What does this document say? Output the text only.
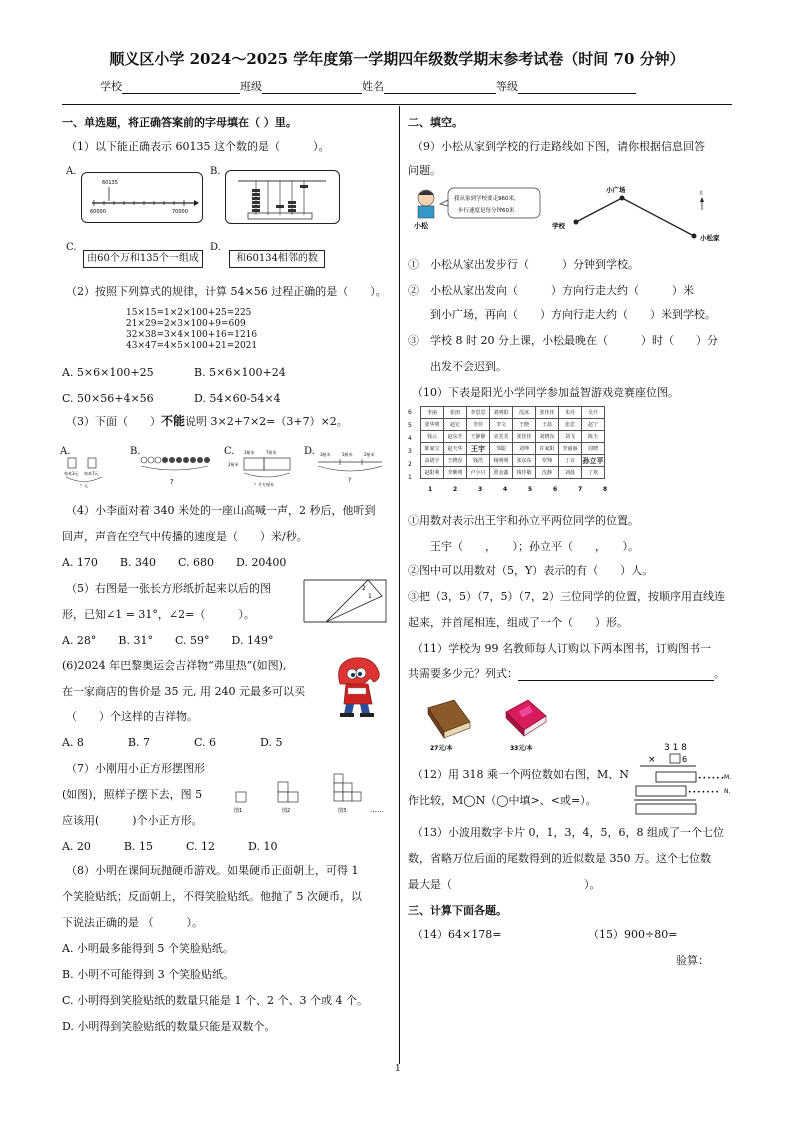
顺义区小学 2024～2025 学年度第一学期四年级数学期末参考试卷（时间 70 分钟）
学校	班级	姓名	等级
一、单选题，将正确答案前的字母填在（ ）里。
（1）以下能正确表示 60135 这个数的是（　　　）。
A.
60135
60000	70000
B.
C.
由60个万和135个一组成
D.
和60134相邻的数
（2）按照下列算式的规律，计算 54×56 过程正确的是（　　）。
15×15=1×2×100+25=225
21×29=2×3×100+9=609
32×38=3×4×100+16=1216
43×47=4×5×100+21=2021
A. 5×6×100+25	B. 5×6×100+24
C. 50×56+4×56	D. 54×60-54×4
（3）下面（　　）不能说明 3×2+7×2=（3+7）×2。
A.
每本3元 每本7元
？元
B.
?
C. 3厘米	7厘米
2厘米
？平方厘米
D. 3厘米	3厘米	2厘米
?
（4）小李面对着 340 米处的一座山高喊一声，2 秒后，他听到
回声，声音在空气中传播的速度是（　　）米/秒。
A. 170　　B. 340　　C. 680　　D. 20400
（5）右图是一张长方形纸折起来以后的图
形，已知∠1 = 31°，∠2=（　　　）。
A. 28°　　B. 31°　　C. 59°　　D. 149°
2
1
(6)2024 年巴黎奥运会吉祥物“弗里热”(如图),
在一家商店的售价是 35 元, 用 240 元最多可以买
（　　）个这样的吉祥物。
A. 8　　　　B. 7　　　　C. 6　　　　D. 5
（7）小刚用小正方形摆图形
(如图)，照样子摆下去，图 5
应该用(　　　)个小正方形。
A. 20　　　B. 15　　　C. 12　　　D. 10
图1	图2	图3	……
（8）小明在课间玩抛硬币游戏。如果硬币正面朝上，可得 1
个笑脸贴纸；反面朝上，不得笑脸贴纸。他抛了 5 次硬币，以
下说法正确的是 （　　　）。
A. 小明最多能得到 5 个笑脸贴纸。
B. 小明不可能得到 3 个笑脸贴纸。
C. 小明得到笑脸贴纸的数量只能是 1 个、2 个、3 个或 4 个。
D. 小明得到笑脸贴纸的数量只能是双数个。
二、填空。
（9）小松从家到学校的行走路线如下图，请你根据信息回答
问题。
小松
我从家到学校要走960米，
步行速度是每分钟60米
学校
小广场
小松家
北
①　小松从家出发步行（　　　）分钟到学校。
②　小松从家出发向（　　　）方向行走大约（　　　）米
到小广场，再向（　　）方向行走大约（　　）米到学校。
③　学校 8 时 20 分上课，小松最晚在（　　　）时（　　）分
出发不会迟到。
（10）下表是阳光小学同学参加益智游戏竞赛座位图。
李丽	张雨	李思思	刘明阳	沈冰	张佳佳	朱丹	吴升
张华明	赵宏	李佳	李文	王晓	王晨	张思	赵宁
钱云	赵东升	王静静	宋芙芙	张佳佳	刘晓东	刘飞	陈玉
陈家宝	赵天华	王宇	邹聪	刘坤	许家阳	李丽丽	周晓
高诺宇	王晓东	钱浩	杨明明	张东东	罗翔	丁百	孙立平
赵阳利	李紫明	卢小只	贾金鑫	钱佳敏	沈静	刘晨	了欢
6
5
4
3
2
1
1	2	3	4	5	6	7	8
①用数对表示出王宇和孙立平两位同学的位置。
王宇（　　，　　）；孙立平（　　，　　）。
②图中可以用数对（5，Y）表示的有（　　）人。
③把（3，5）（7，5）（7，2）三位同学的位置，按顺序用直线连
起来，并首尾相连，组成了一个（　　）形。
（11）学校为 99 名教师每人订购以下两本图书，订购图书一
共需要多少元？列式：	。
27元/本	33元/本
（12）用 318 乘一个两位数如右图，M、N
作比较，M◯N（◯中填>、<或=）。
3 1 8
×	6
••••••
•••••••
M.
N.
（13）小波用数字卡片 0，1，3，4，5，6，8 组成了一个七位
数，省略万位后面的尾数得到的近似数是 350 万。这个七位数
最大是（　　　　　　　　　　　　）。
三、计算下面各题。
（14）64×178=	（15）900÷80=
验算：
1
